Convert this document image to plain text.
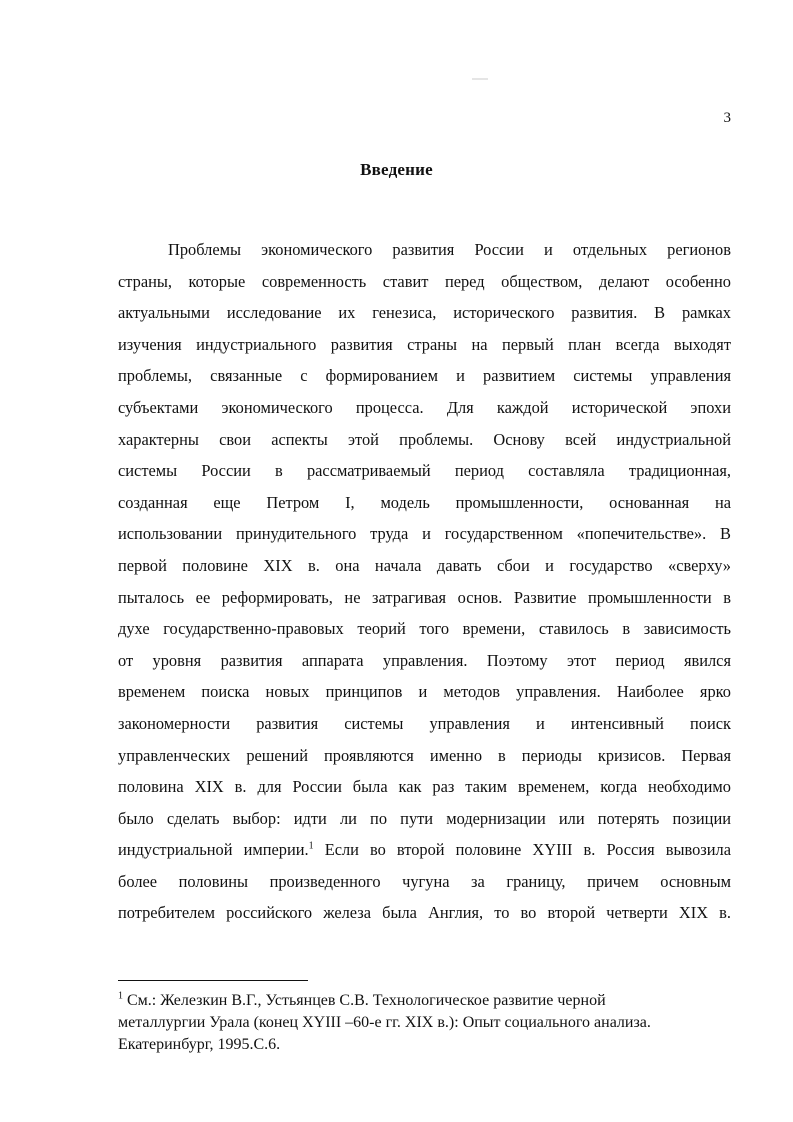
3
Введение
Проблемы экономического развития России и отдельных регионов
страны, которые современность ставит перед обществом, делают особенно
актуальными исследование их генезиса, исторического развития. В рамках
изучения индустриального развития страны на первый план всегда выходят
проблемы, связанные с формированием и развитием системы управления
субъектами экономического процесса. Для каждой исторической эпохи
характерны свои аспекты этой проблемы. Основу всей индустриальной
системы России в рассматриваемый период составляла традиционная,
созданная еще Петром I, модель промышленности, основанная на
использовании принудительного труда и государственном «попечительстве». В
первой половине XIX в. она начала давать сбои и государство «сверху»
пыталось ее реформировать, не затрагивая основ. Развитие промышленности в
духе государственно-правовых теорий того времени, ставилось в зависимость
от уровня развития аппарата управления. Поэтому этот период явился
временем поиска новых принципов и методов управления. Наиболее ярко
закономерности развития системы управления и интенсивный поиск
управленческих решений проявляются именно в периоды кризисов. Первая
половина XIX в. для России была как раз таким временем, когда необходимо
было сделать выбор: идти ли по пути модернизации или потерять позиции
индустриальной империи.$^1$ Если во второй половине XYIII в. Россия вывозила
более половины произведенного чугуна за границу, причем основным
потребителем российского железа была Англия, то во второй четверти XIX в.
$^1$ См.: Железкин В.Г., Устьянцев С.В. Технологическое развитие черной
металлургии Урала (конец XYIII –60-е гг. XIX в.): Опыт социального анализа.
Екатеринбург, 1995.С.6.
